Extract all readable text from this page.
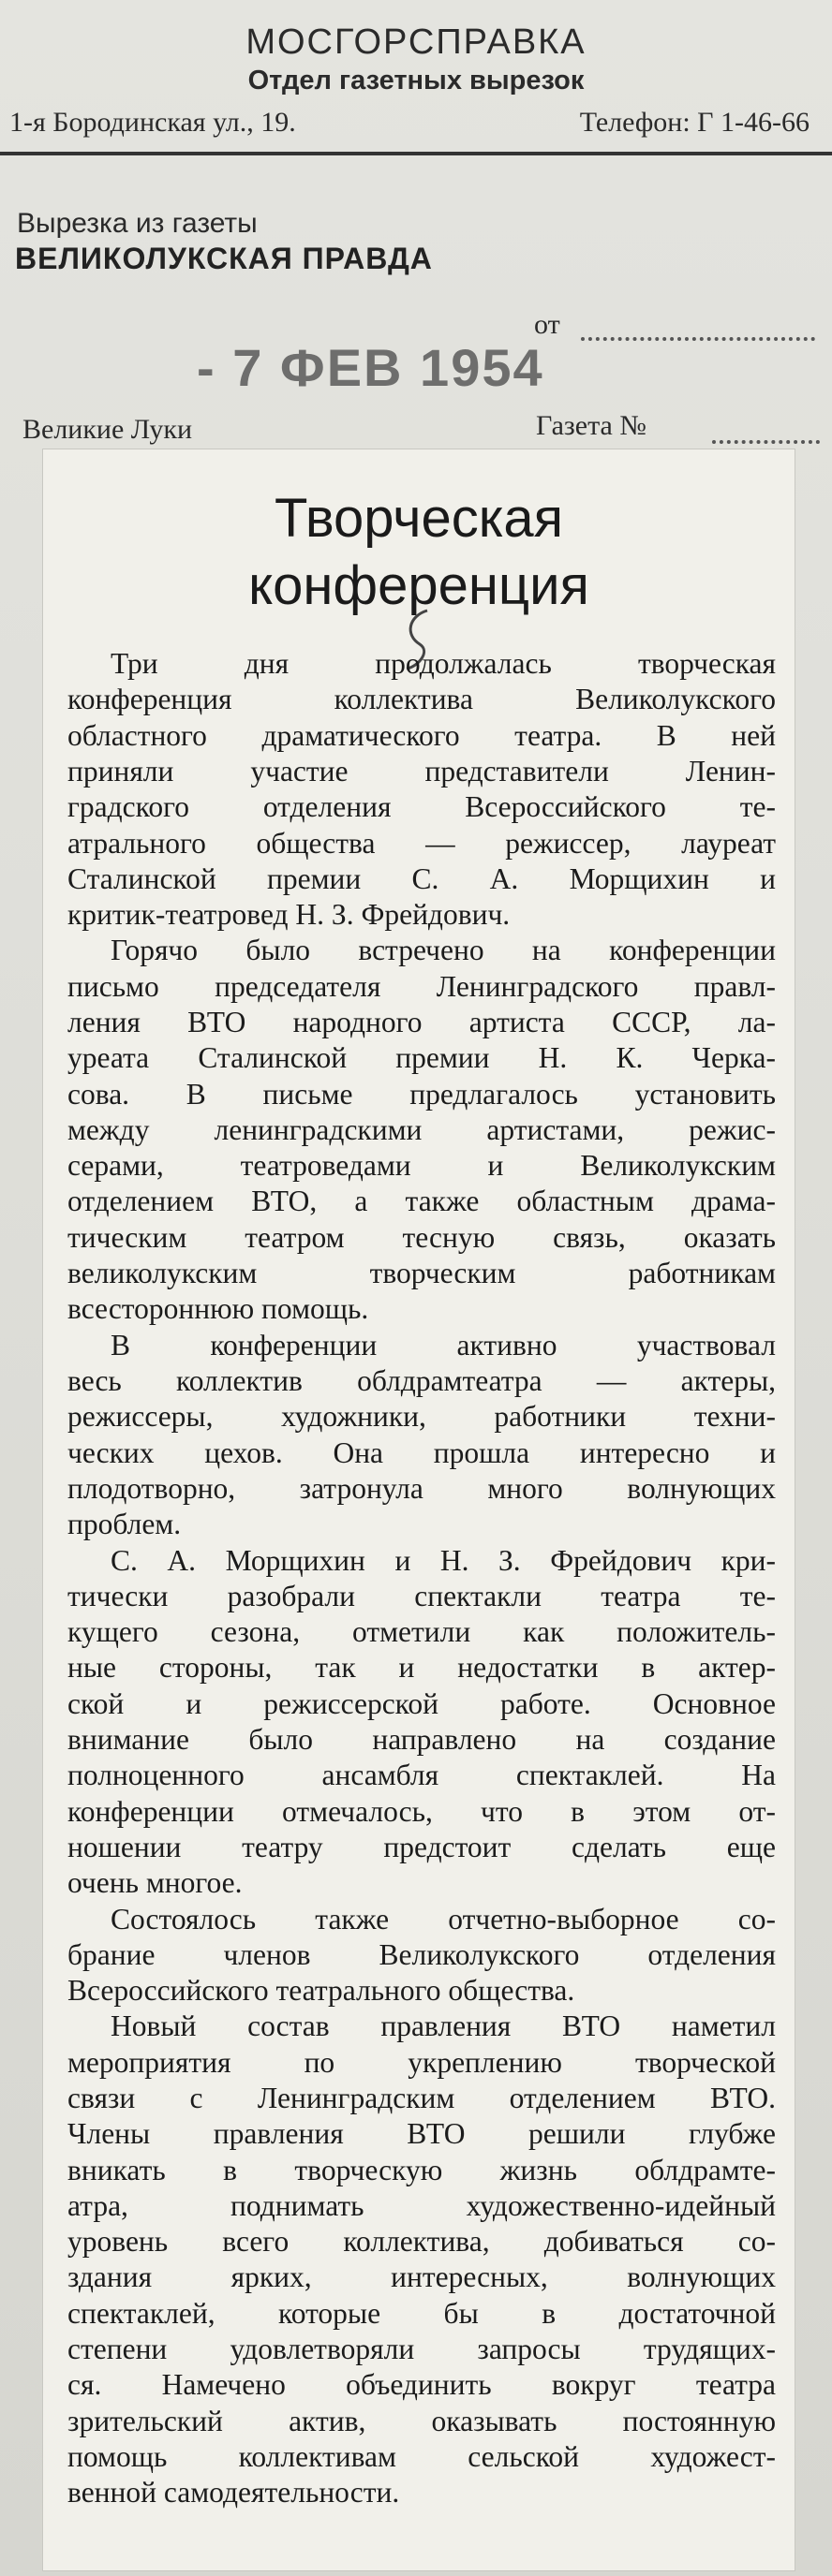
МОСГОРСПРАВКА
Отдел газетных вырезок
1-я Бородинская ул., 19.	Телефон: Г 1-46-66
Вырезка из газеты
ВЕЛИКОЛУКСКАЯ ПРАВДА
от
- 7 ФЕВ 1954
Великие Луки	Газета №
Творческая
конференция
Три дня продолжалась творческая
конференция коллектива Великолукского
областного драматического театра. В ней
приняли участие представители Ленин-
градского отделения Всероссийского те-
атрального общества — режиссер, лауреат
Сталинской премии С. А. Морщихин и
критик-театровед Н. З. Фрейдович.
Горячо было встречено на конференции
письмо председателя Ленинградского правл-
ления ВТО народного артиста СССР, ла-
уреата Сталинской премии Н. К. Черка-
сова. В письме предлагалось установить
между ленинградскими артистами, режис-
серами, театроведами и Великолукским
отделением ВТО, а также областным драма-
тическим театром тесную связь, оказать
великолукским творческим работникам
всестороннюю помощь.
В конференции активно участвовал
весь коллектив облдрамтеатра — актеры,
режиссеры, художники, работники техни-
ческих цехов. Она прошла интересно и
плодотворно, затронула много волнующих
проблем.
С. А. Морщихин и Н. З. Фрейдович кри-
тически разобрали спектакли театра те-
кущего сезона, отметили как положитель-
ные стороны, так и недостатки в актер-
ской и режиссерской работе. Основное
внимание было направлено на создание
полноценного ансамбля спектаклей. На
конференции отмечалось, что в этом от-
ношении театру предстоит сделать еще
очень многое.
Состоялось также отчетно-выборное со-
брание членов Великолукского отделения
Всероссийского театрального общества.
Новый состав правления ВТО наметил
мероприятия по укреплению творческой
связи с Ленинградским отделением ВТО.
Члены правления ВТО решили глубже
вникать в творческую жизнь облдрамте-
атра, поднимать художественно-идейный
уровень всего коллектива, добиваться со-
здания ярких, интересных, волнующих
спектаклей, которые бы в достаточной
степени удовлетворяли запросы трудящих-
ся. Намечено объединить вокруг театра
зрительский актив, оказывать постоянную
помощь коллективам сельской художест-
венной самодеятельности.
